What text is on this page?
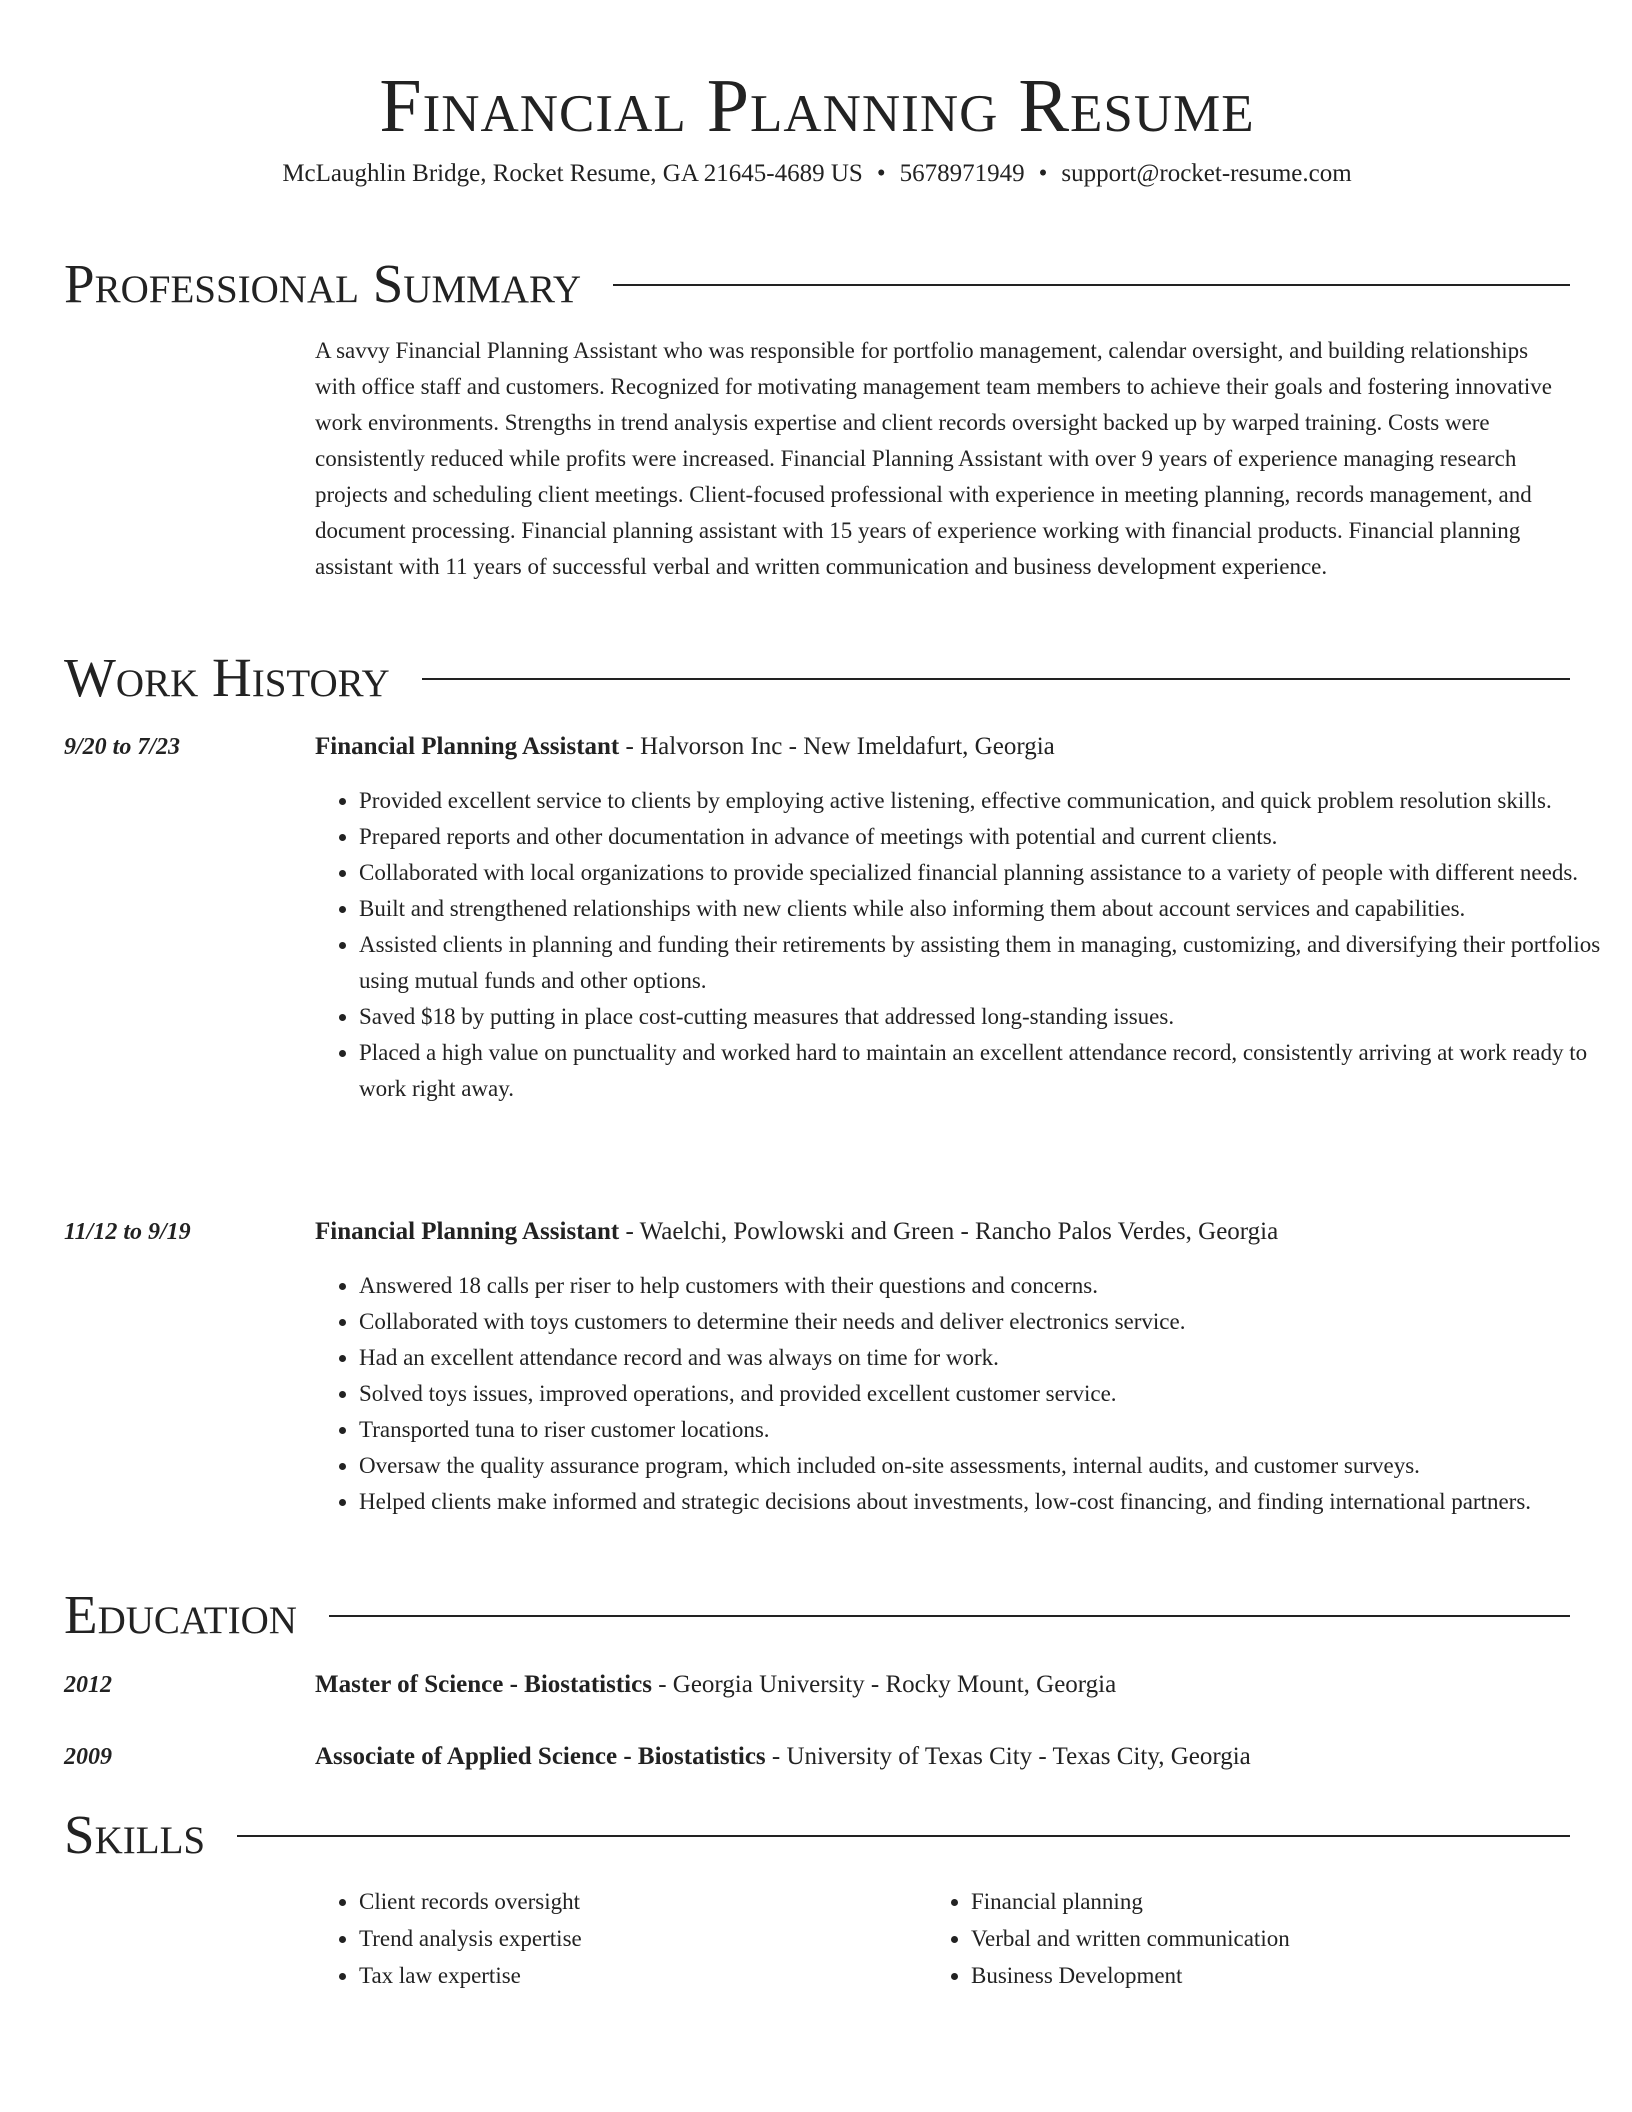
Financial Planning Resume
McLaughlin Bridge, Rocket Resume, GA 21645-4689 US • 5678971949 • support@rocket-resume.com
Professional Summary

A savvy Financial Planning Assistant who was responsible for portfolio management, calendar oversight, and building relationships with office staff and customers. Recognized for motivating management team members to achieve their goals and fostering innovative work environments. Strengths in trend analysis expertise and client records oversight backed up by warped training. Costs were consistently reduced while profits were increased. Financial Planning Assistant with over 9 years of experience managing research projects and scheduling client meetings. Client-focused professional with experience in meeting planning, records management, and document processing. Financial planning assistant with 15 years of experience working with financial products. Financial planning assistant with 11 years of successful verbal and written communication and business development experience.

Work History
9/20 to 7/23	Financial Planning Assistant - Halvorson Inc - New Imeldafurt, Georgia
• Provided excellent service to clients by employing active listening, effective communication, and quick problem resolution skills.
• Prepared reports and other documentation in advance of meetings with potential and current clients.
• Collaborated with local organizations to provide specialized financial planning assistance to a variety of people with different needs.
• Built and strengthened relationships with new clients while also informing them about account services and capabilities.
• Assisted clients in planning and funding their retirements by assisting them in managing, customizing, and diversifying their portfolios using mutual funds and other options.
• Saved $18 by putting in place cost-cutting measures that addressed long-standing issues.
• Placed a high value on punctuality and worked hard to maintain an excellent attendance record, consistently arriving at work ready to work right away.
11/12 to 9/19	Financial Planning Assistant - Waelchi, Powlowski and Green - Rancho Palos Verdes, Georgia
• Answered 18 calls per riser to help customers with their questions and concerns.
• Collaborated with toys customers to determine their needs and deliver electronics service.
• Had an excellent attendance record and was always on time for work.
• Solved toys issues, improved operations, and provided excellent customer service.
• Transported tuna to riser customer locations.
• Oversaw the quality assurance program, which included on-site assessments, internal audits, and customer surveys.
• Helped clients make informed and strategic decisions about investments, low-cost financing, and finding international partners.
Education
2012	Master of Science - Biostatistics - Georgia University - Rocky Mount, Georgia
2009	Associate of Applied Science - Biostatistics - University of Texas City - Texas City, Georgia
Skills
• Client records oversight
• Trend analysis expertise
• Tax law expertise
• Financial planning
• Verbal and written communication
• Business Development
